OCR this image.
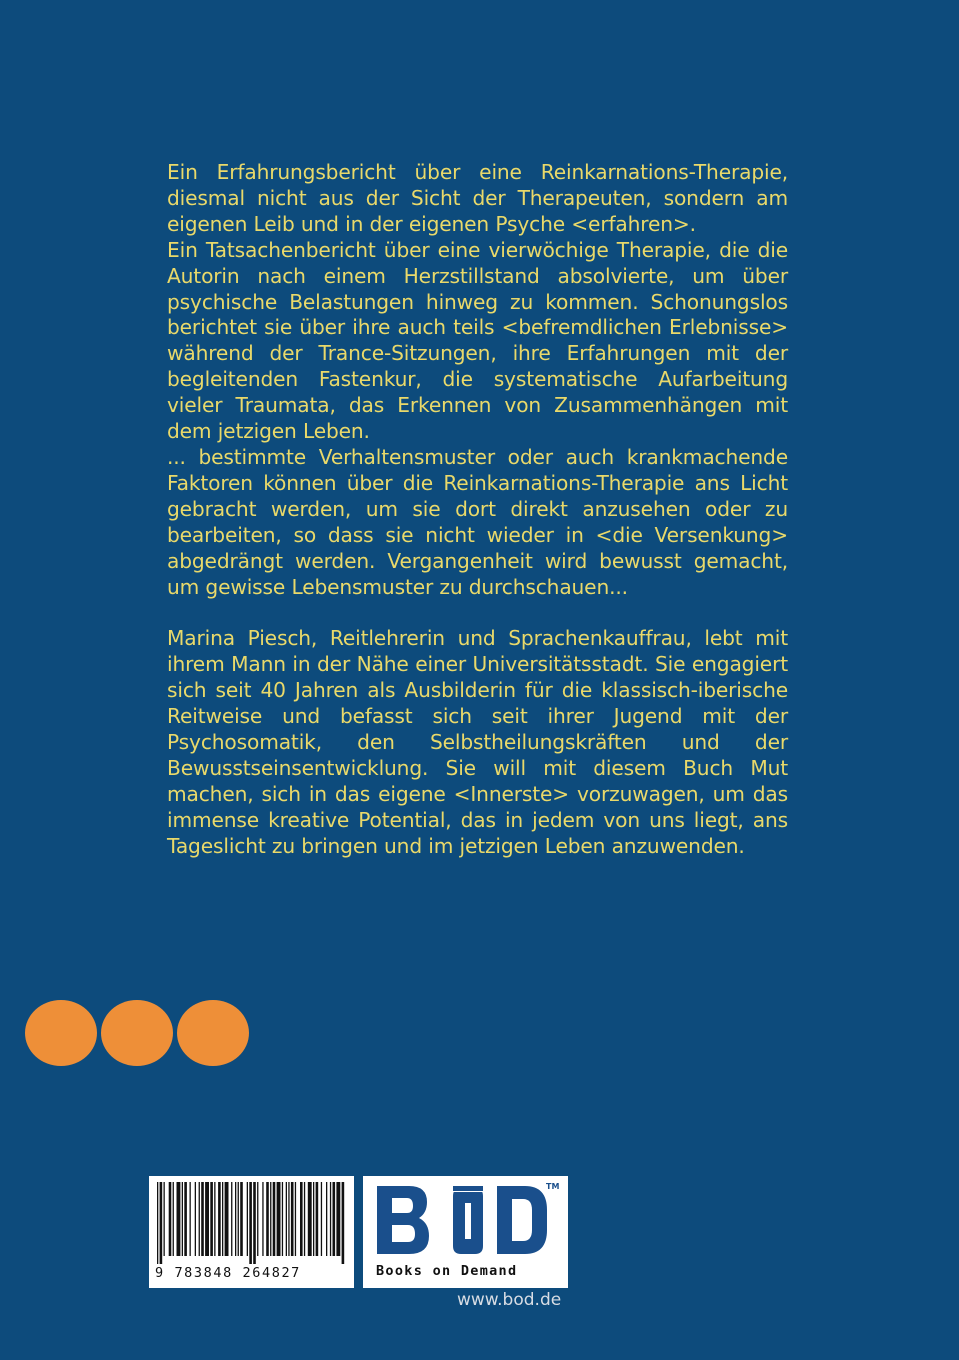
Ein Erfahrungsbericht über eine Reinkarnations-Therapie, diesmal nicht aus der Sicht der Therapeuten, sondern am eigenen Leib und in der eigenen Psyche <erfahren>.

Ein Tatsachenbericht über eine vierwöchige Therapie, die die Autorin nach einem Herzstillstand absolvierte, um über psychische Belastungen hinweg zu kommen. Schonungslos berichtet sie über ihre auch teils <befremdlichen Erlebnisse> während der Trance-Sitzungen, ihre Erfahrungen mit der begleitenden Fastenkur, die systematische Aufarbeitung vieler Traumata, das Erkennen von Zusammenhängen mit dem jetzigen Leben.

... bestimmte Verhaltensmuster oder auch krankmachende Faktoren können über die Reinkarnations-Therapie ans Licht gebracht werden, um sie dort direkt anzusehen oder zu bearbeiten, so dass sie nicht wieder in <die Versenkung> abgedrängt werden. Vergangenheit wird bewusst gemacht, um gewisse Lebensmuster zu durchschauen...

Marina Piesch, Reitlehrerin und Sprachenkauffrau, lebt mit ihrem Mann in der Nähe einer Universitätsstadt. Sie engagiert sich seit 40 Jahren als Ausbilderin für die klassisch-iberische Reitweise und befasst sich seit ihrer Jugend mit der Psychosomatik, den Selbstheilungskräften und der Bewusstseinsentwicklung. Sie will mit diesem Buch Mut machen, sich in das eigene <Innerste> vorzuwagen, um das immense kreative Potential, das in jedem von uns liegt, ans Tageslicht zu bringen und im jetzigen Leben anzuwenden.

9 783848 264827
TM
Books on Demand
www.bod.de
